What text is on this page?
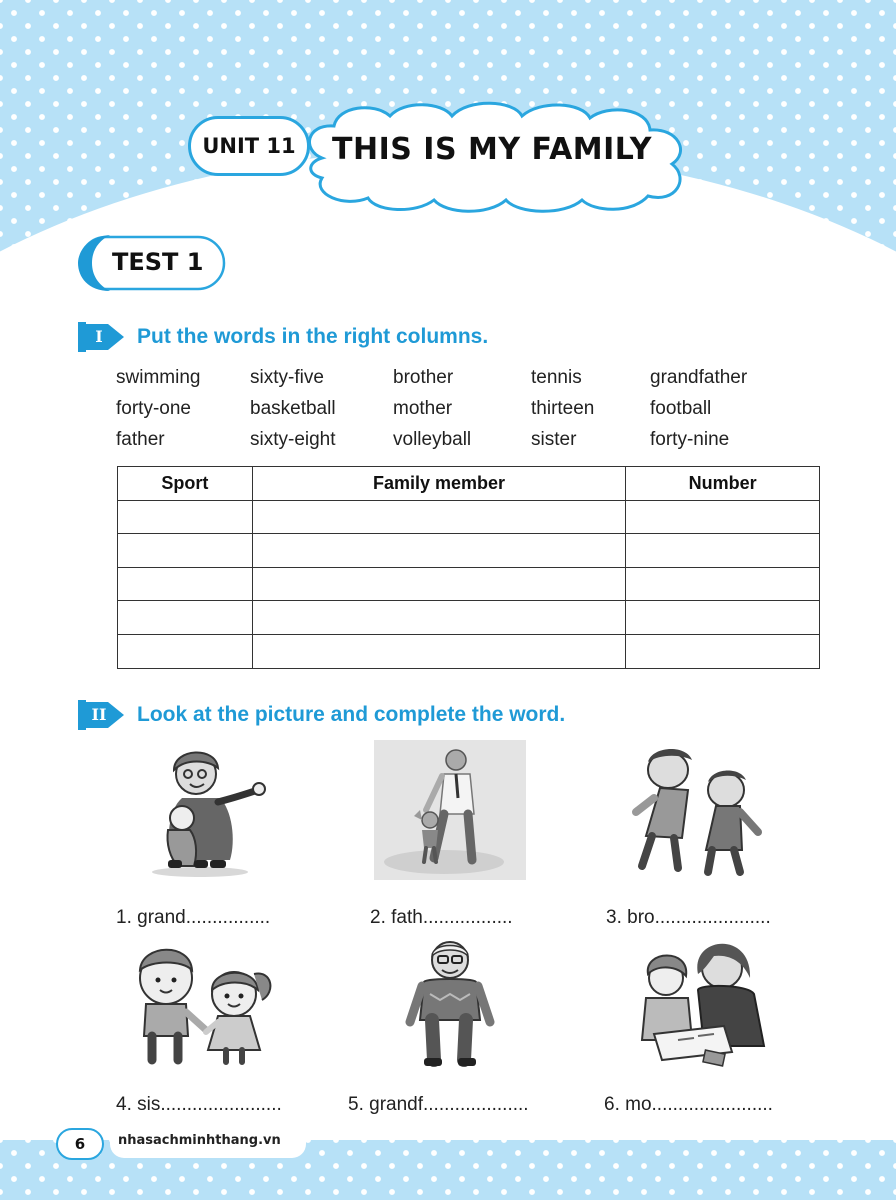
UNIT 11	THIS IS MY FAMILY
TEST 1
I	Put the words in the right columns.
swimming	sixty-five	brother	tennis	grandfather
forty-one	basketball	mother	thirteen	football
father	sixty-eight	volleyball	sister	forty-nine
Sport	Family member	Number

II	Look at the picture and complete the word.
1. grand................	2. fath.................	3. bro......................
4. sis.......................	5. grandf....................	6. mo.......................
6	nhasachminhthang.vn
